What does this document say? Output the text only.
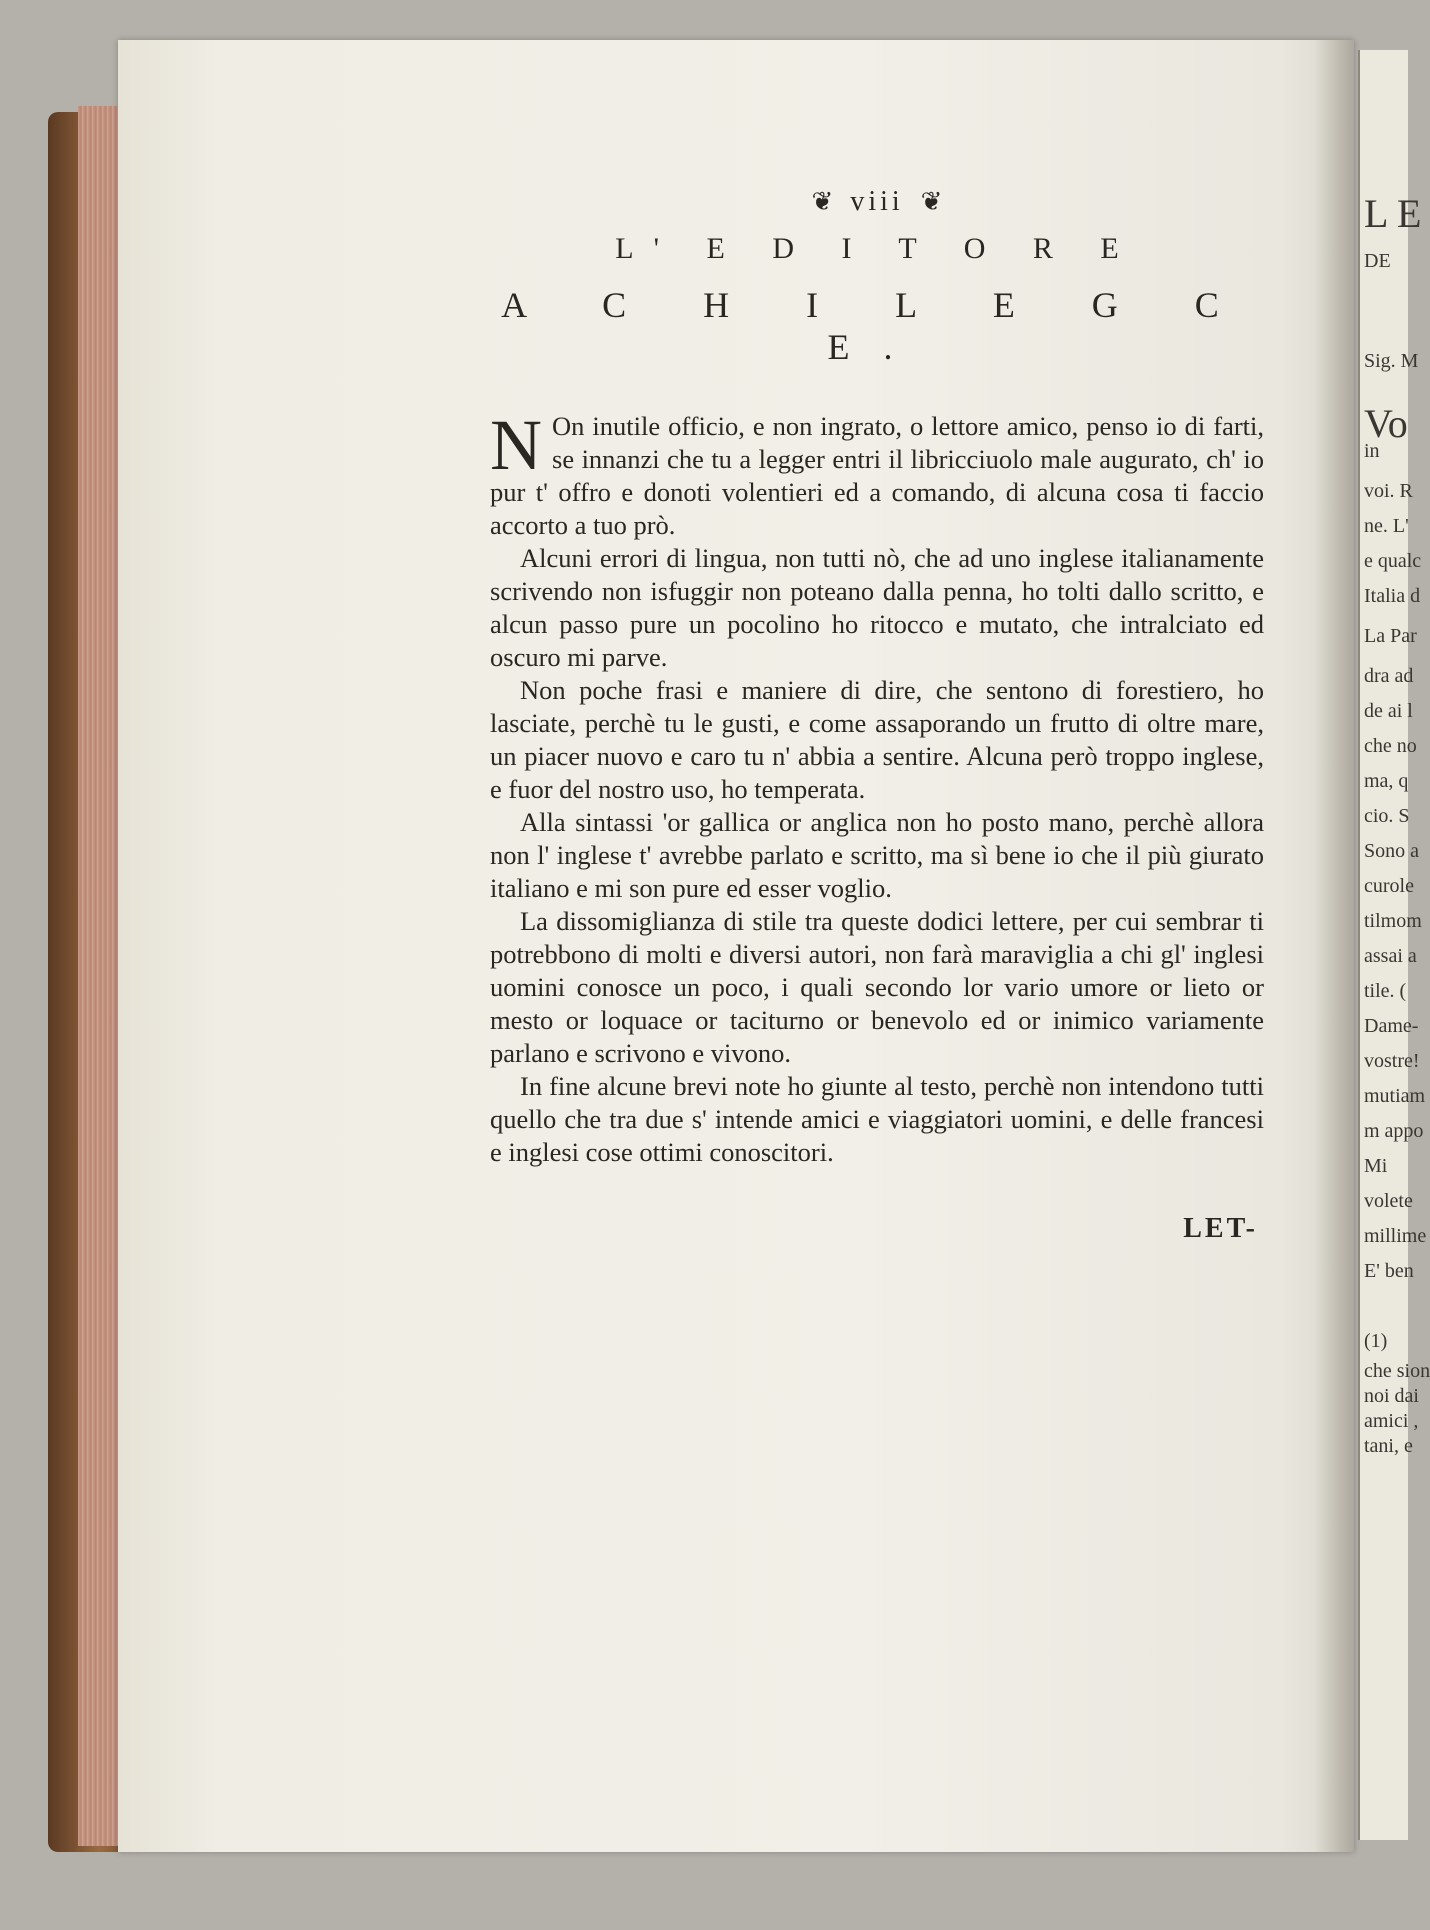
L E
DE
Sig. M
Vo
in
voi. R
ne. L'
e qualc
Italia d
La Par
dra ad
de ai l
che no
ma, q
cio. S
Sono a
curole
tilmom
assai a
tile. (
Dame-
vostre!
mutiam
m appo
Mi
volete
millime
E' ben
(1)
che sion
noi dai
amici ,
tani, e
❦ viii ❦
L' E D I T O R E
A C H I L E G C E.

N On inutile officio, e non ingrato, o lettore amico, penso io di farti, se innanzi che tu a legger entri il libricciuolo male augurato, ch' io pur t' offro e donoti volentieri ed a comando, di alcuna cosa ti faccio accorto a tuo prò.

Alcuni errori di lingua, non tutti nò, che ad uno inglese italianamente scrivendo non isfuggir non poteano dalla penna, ho tolti dallo scritto, e alcun passo pure un pocolino ho ritocco e mutato, che intralciato ed oscuro mi parve.

Non poche frasi e maniere di dire, che sentono di forestiero, ho lasciate, perchè tu le gusti, e come assaporando un frutto di oltre mare, un piacer nuovo e caro tu n' abbia a sentire. Alcuna però troppo inglese, e fuor del nostro uso, ho temperata.

Alla sintassi 'or gallica or anglica non ho posto mano, perchè allora non l' inglese t' avrebbe parlato e scritto, ma sì bene io che il più giurato italiano e mi son pure ed esser voglio.

La dissomiglianza di stile tra queste dodici lettere, per cui sembrar ti potrebbono di molti e diversi autori, non farà maraviglia a chi gl' inglesi uomini conosce un poco, i quali secondo lor vario umore or lieto or mesto or loquace or taciturno or benevolo ed or inimico variamente parlano e scrivono e vivono.

In fine alcune brevi note ho giunte al testo, perchè non intendono tutti quello che tra due s' intende amici e viaggiatori uomini, e delle francesi e inglesi cose ottimi conoscitori.

LET-
